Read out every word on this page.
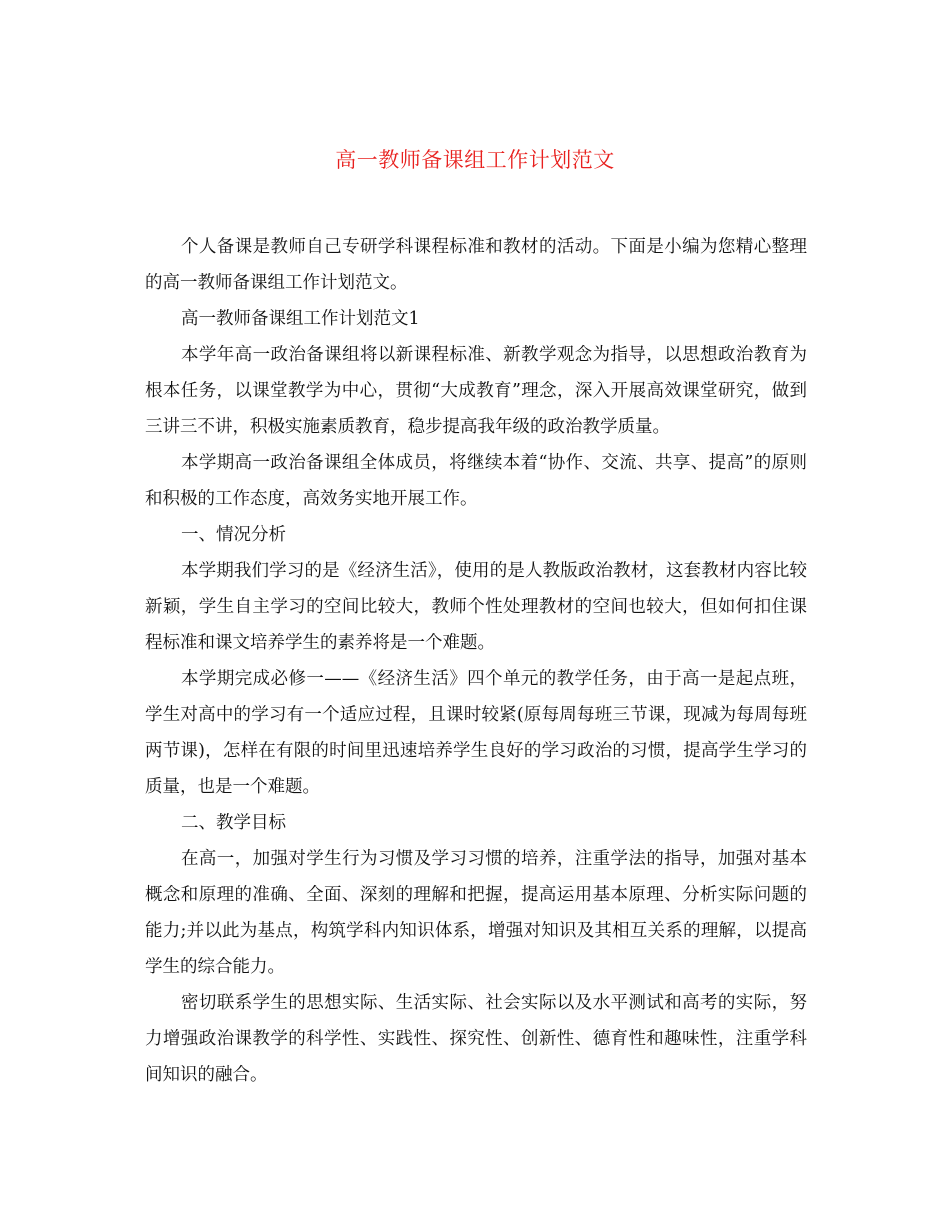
高一教师备课组工作计划范文

个人备课是教师自己专研学科课程标准和教材的活动。下面是小编为您精心整理的高一教师备课组工作计划范文。

高一教师备课组工作计划范文1

本学年高一政治备课组将以新课程标准、新教学观念为指导，以思想政治教育为根本任务，以课堂教学为中心，贯彻“大成教育”理念，深入开展高效课堂研究，做到三讲三不讲，积极实施素质教育，稳步提高我年级的政治教学质量。

本学期高一政治备课组全体成员，将继续本着“协作、交流、共享、提高”的原则和积极的工作态度，高效务实地开展工作。

一、情况分析

本学期我们学习的是《经济生活》，使用的是人教版政治教材，这套教材内容比较新颖，学生自主学习的空间比较大，教师个性处理教材的空间也较大，但如何扣住课程标准和课文培养学生的素养将是一个难题。

本学期完成必修一——《经济生活》四个单元的教学任务，由于高一是起点班，学生对高中的学习有一个适应过程，且课时较紧(原每周每班三节课，现减为每周每班两节课)，怎样在有限的时间里迅速培养学生良好的学习政治的习惯，提高学生学习的质量，也是一个难题。

二、教学目标

在高一，加强对学生行为习惯及学习习惯的培养，注重学法的指导，加强对基本概念和原理的准确、全面、深刻的理解和把握，提高运用基本原理、分析实际问题的能力;并以此为基点，构筑学科内知识体系，增强对知识及其相互关系的理解，以提高学生的综合能力。

密切联系学生的思想实际、生活实际、社会实际以及水平测试和高考的实际，努力增强政治课教学的科学性、实践性、探究性、创新性、德育性和趣味性，注重学科间知识的融合。
